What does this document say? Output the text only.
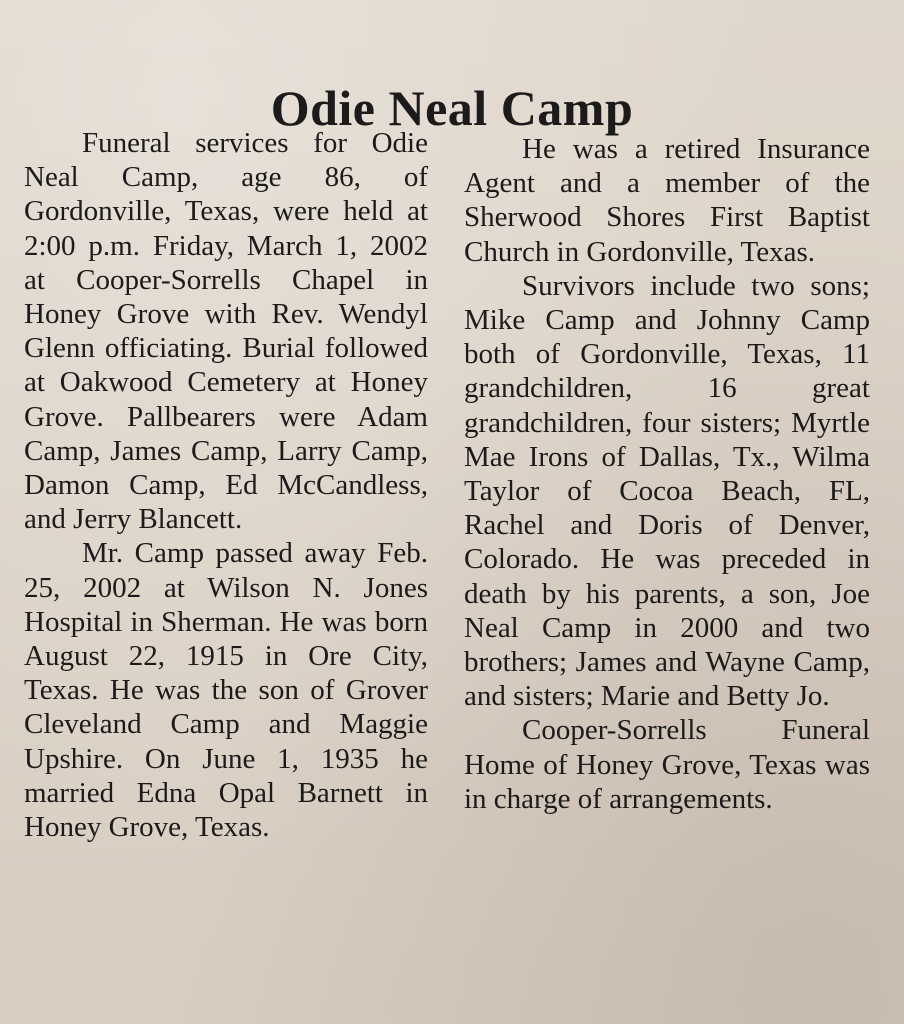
Odie Neal Camp

Funeral services for Odie Neal Camp, age 86, of Gordonville, Texas, were held at 2:00 p.m. Friday, March 1, 2002 at Cooper-Sorrells Chapel in Honey Grove with Rev. Wendyl Glenn officiating. Burial followed at Oakwood Cemetery at Honey Grove. Pallbearers were Adam Camp, James Camp, Larry Camp, Damon Camp, Ed McCandless, and Jerry Blancett.

Mr. Camp passed away Feb. 25, 2002 at Wilson N. Jones Hospital in Sherman. He was born August 22, 1915 in Ore City, Texas. He was the son of Grover Cleveland Camp and Maggie Upshire. On June 1, 1935 he married Edna Opal Barnett in Honey Grove, Texas.

He was a retired Insurance Agent and a member of the Sherwood Shores First Baptist Church in Gordonville, Texas.

Survivors include two sons; Mike Camp and Johnny Camp both of Gordonville, Texas, 11 grandchildren, 16 great grandchildren, four sisters; Myrtle Mae Irons of Dallas, Tx., Wilma Taylor of Cocoa Beach, FL, Rachel and Doris of Denver, Colorado. He was preceded in death by his parents, a son, Joe Neal Camp in 2000 and two brothers; James and Wayne Camp, and sisters; Marie and Betty Jo.

Cooper-Sorrells Funeral Home of Honey Grove, Texas was in charge of arrangements.
